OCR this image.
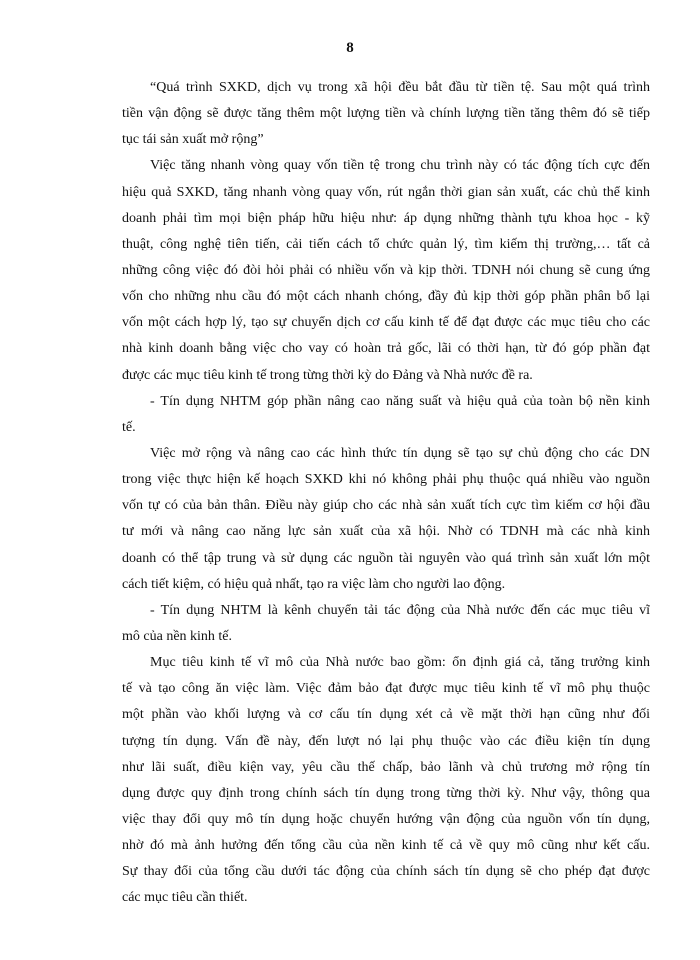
8
“Quá trình SXKD, dịch vụ trong xã hội đều bắt đầu từ tiền tệ. Sau một quá trình
tiền vận động sẽ được tăng thêm một lượng tiền và chính lượng tiền tăng thêm đó sẽ tiếp
tục tái sản xuất mở rộng”
Việc tăng nhanh vòng quay vốn tiền tệ trong chu trình này có tác động tích cực đến
hiệu quả SXKD, tăng nhanh vòng quay vốn, rút ngắn thời gian sản xuất, các chủ thể kinh
doanh phải tìm mọi biện pháp hữu hiệu như: áp dụng những thành tựu khoa học - kỹ
thuật, công nghệ tiên tiến, cải tiến cách tổ chức quản lý, tìm kiếm thị trường,… tất cả
những công việc đó đòi hỏi phải có nhiều vốn và kịp thời. TDNH nói chung sẽ cung ứng
vốn cho những nhu cầu đó một cách nhanh chóng, đầy đủ kịp thời góp phần phân bổ lại
vốn một cách hợp lý, tạo sự chuyển dịch cơ cấu kinh tế để đạt được các mục tiêu cho các
nhà kinh doanh bằng việc cho vay có hoàn trả gốc, lãi có thời hạn, từ đó góp phần đạt
được các mục tiêu kinh tế trong từng thời kỳ do Đảng và Nhà nước đề ra.
- Tín dụng NHTM góp phần nâng cao năng suất và hiệu quả của toàn bộ nền kinh
tế.
Việc mở rộng và nâng cao các hình thức tín dụng sẽ tạo sự chủ động cho các DN
trong việc thực hiện kế hoạch SXKD khi nó không phải phụ thuộc quá nhiều vào nguồn
vốn tự có của bản thân. Điều này giúp cho các nhà sản xuất tích cực tìm kiếm cơ hội đầu
tư mới và nâng cao năng lực sản xuất của xã hội. Nhờ có TDNH mà các nhà kinh
doanh có thể tập trung và sử dụng các nguồn tài nguyên vào quá trình sản xuất lớn một
cách tiết kiệm, có hiệu quả nhất, tạo ra việc làm cho người lao động.
- Tín dụng NHTM là kênh chuyển tải tác động của Nhà nước đến các mục tiêu vĩ
mô của nền kinh tế.
Mục tiêu kinh tế vĩ mô của Nhà nước bao gồm: ổn định giá cả, tăng trưởng kinh
tế và tạo công ăn việc làm. Việc đảm bảo đạt được mục tiêu kinh tế vĩ mô phụ thuộc
một phần vào khối lượng và cơ cấu tín dụng xét cả về mặt thời hạn cũng như đối
tượng tín dụng. Vấn đề này, đến lượt nó lại phụ thuộc vào các điều kiện tín dụng
như lãi suất, điều kiện vay, yêu cầu thế chấp, bảo lãnh và chủ trương mở rộng tín
dụng được quy định trong chính sách tín dụng trong từng thời kỳ. Như vậy, thông qua
việc thay đổi quy mô tín dụng hoặc chuyển hướng vận động của nguồn vốn tín dụng,
nhờ đó mà ảnh hưởng đến tổng cầu của nền kinh tế cả về quy mô cũng như kết cấu.
Sự thay đổi của tổng cầu dưới tác động của chính sách tín dụng sẽ cho phép đạt được
các mục tiêu cần thiết.
